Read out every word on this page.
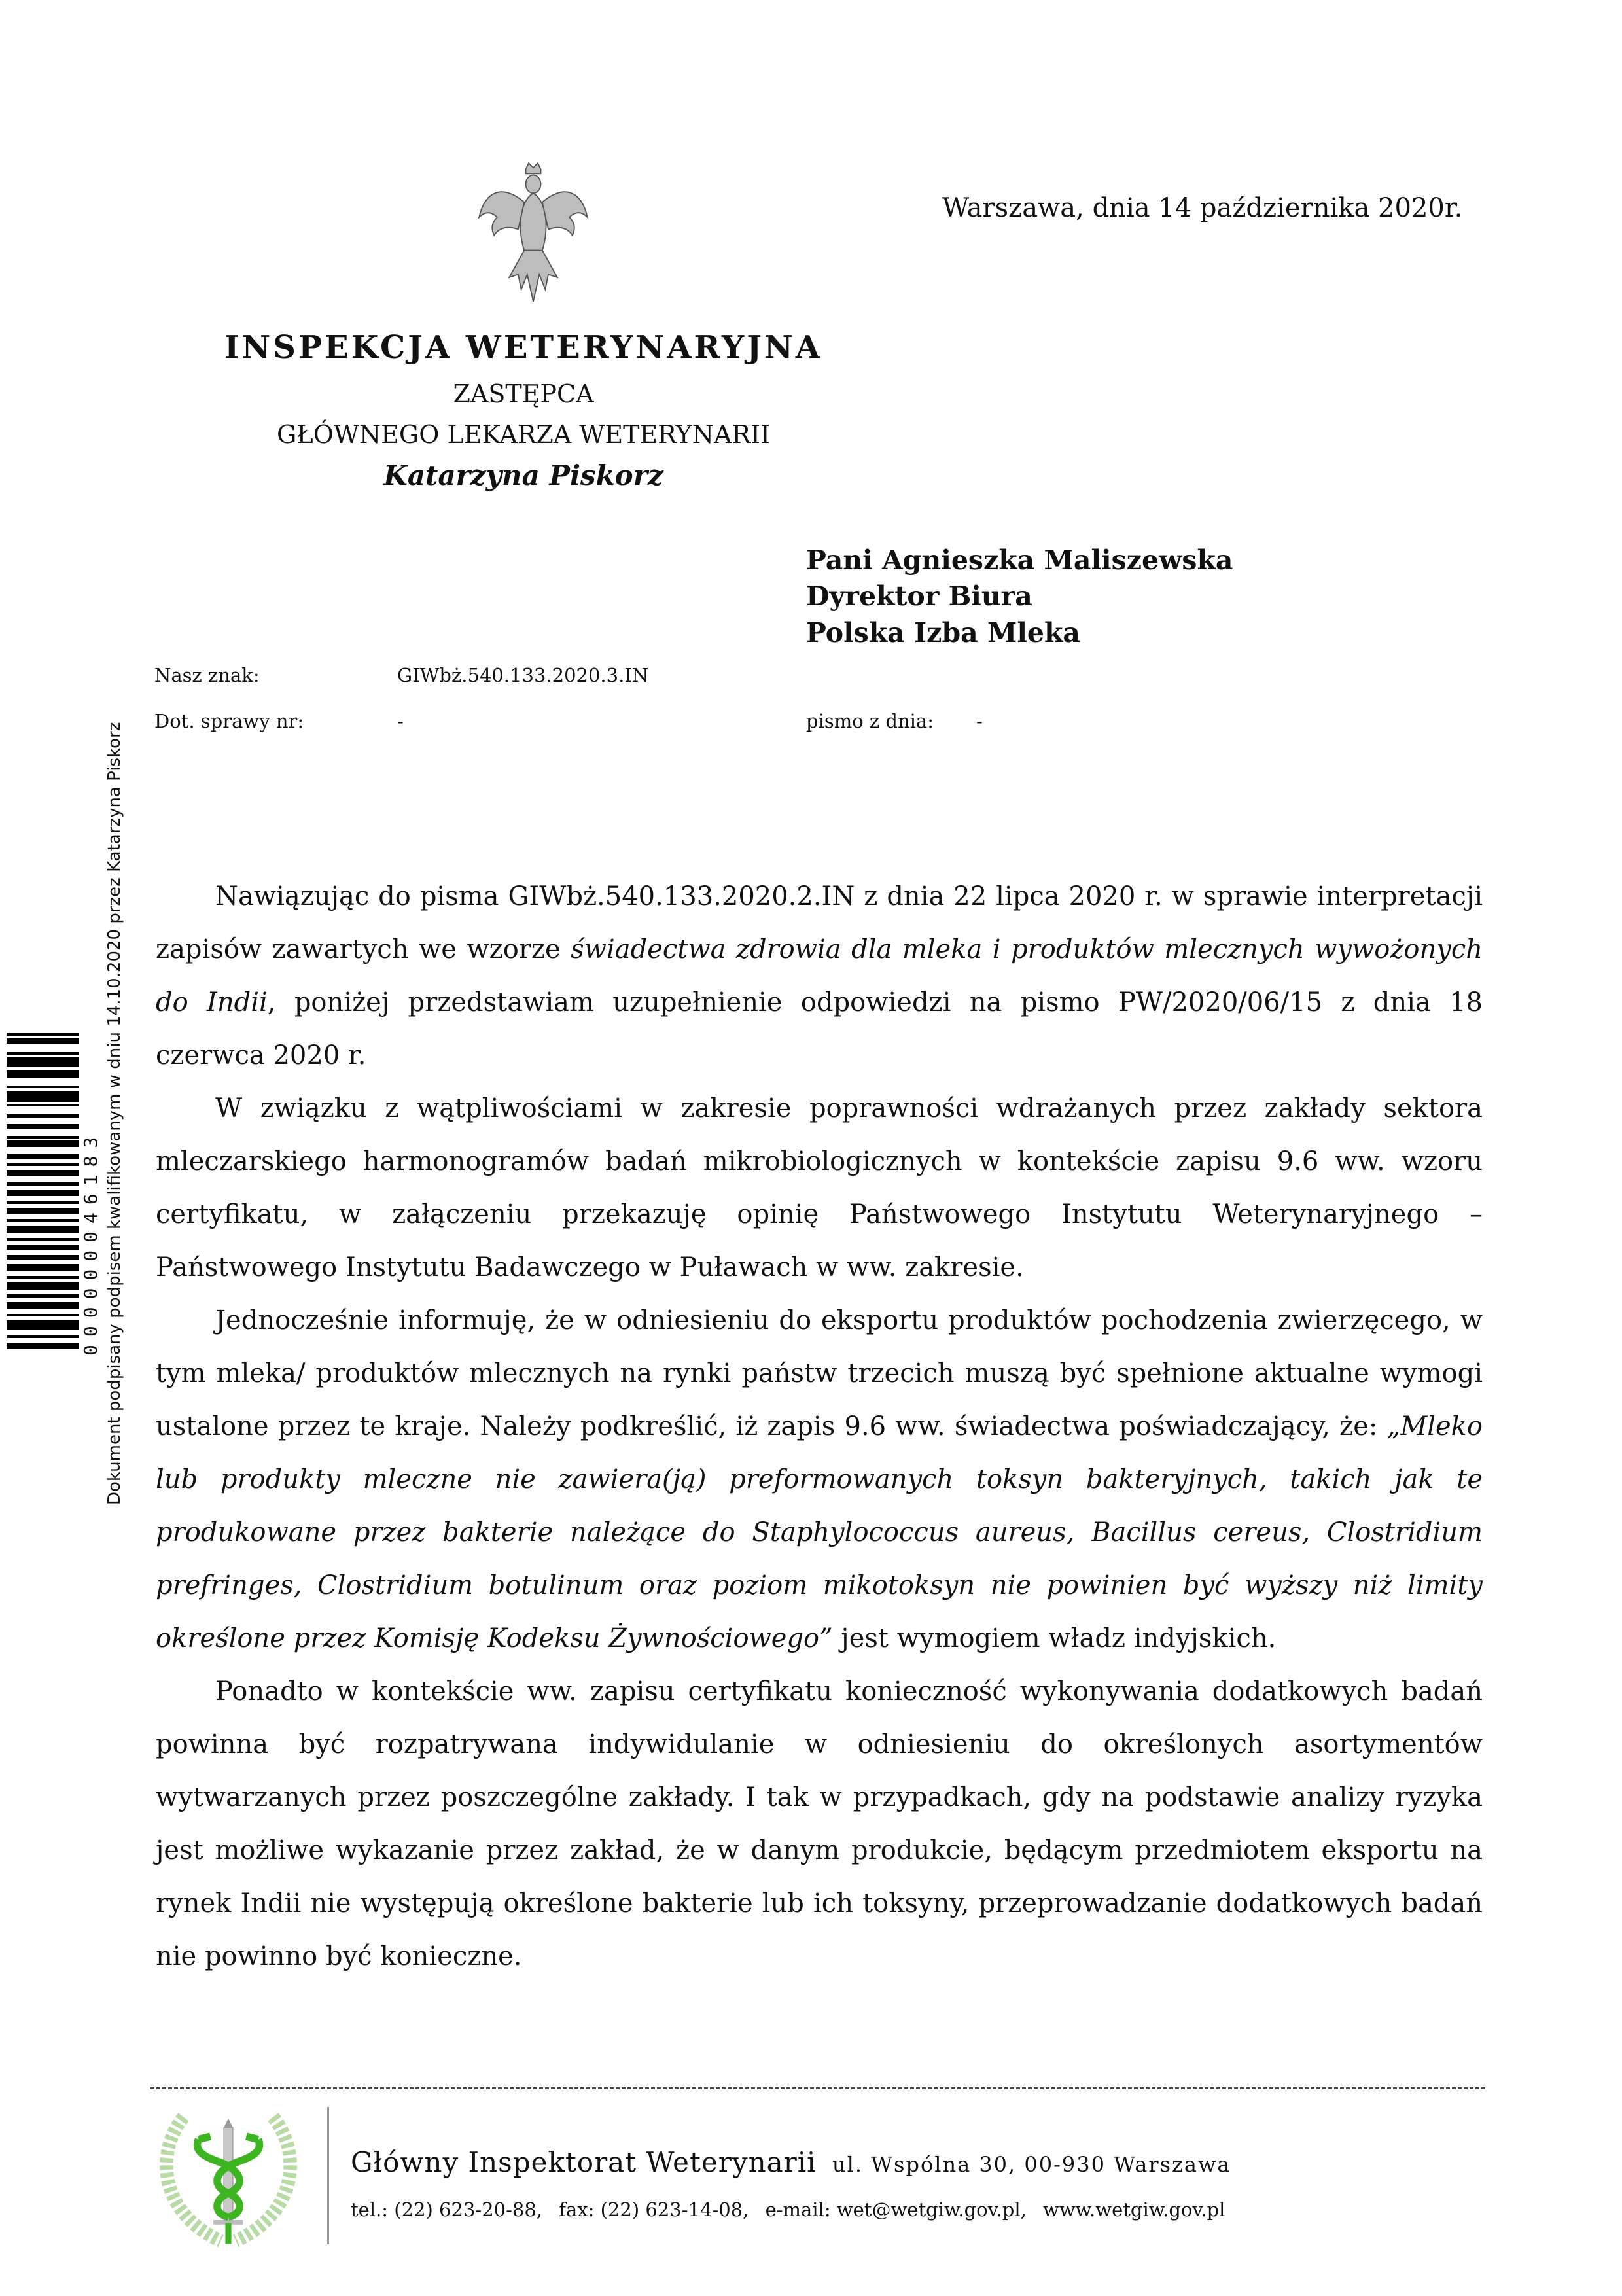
Warszawa, dnia 14 października 2020r.
INSPEKCJA WETERYNARYJNA
ZASTĘPCA
GŁÓWNEGO LEKARZA WETERYNARII
Katarzyna Piskorz
Pani Agnieszka Maliszewska
Dyrektor Biura
Polska Izba Mleka
Nasz znak:	GIWbż.540.133.2020.3.IN
Dot. sprawy nr:	-	pismo z dnia: -
Dokument podpisany podpisem kwalifikowanym w dniu 14.10.2020 przez Katarzyna Piskorz
000000046183

Nawiązując do pisma GIWbż.540.133.2020.2.IN z dnia 22 lipca 2020 r. w sprawie interpretacji zapisów zawartych we wzorze świadectwa zdrowia dla mleka i produktów mlecznych wywożonych do Indii, poniżej przedstawiam uzupełnienie odpowiedzi na pismo PW/2020/06/15 z dnia 18 czerwca 2020 r.

W związku z wątpliwościami w zakresie poprawności wdrażanych przez zakłady sektora mleczarskiego harmonogramów badań mikrobiologicznych w kontekście zapisu 9.6 ww. wzoru certyfikatu, w załączeniu przekazuję opinię Państwowego Instytutu Weterynaryjnego – Państwowego Instytutu Badawczego w Puławach w ww. zakresie.

Jednocześnie informuję, że w odniesieniu do eksportu produktów pochodzenia zwierzęcego, w tym mleka/ produktów mlecznych na rynki państw trzecich muszą być spełnione aktualne wymogi ustalone przez te kraje. Należy podkreślić, iż zapis 9.6 ww. świadectwa poświadczający, że: „Mleko lub produkty mleczne nie zawiera(ją) preformowanych toksyn bakteryjnych, takich jak te produkowane przez bakterie należące do Staphylococcus aureus, Bacillus cereus, Clostridium prefringes, Clostridium botulinum oraz poziom mikotoksyn nie powinien być wyższy niż limity określone przez Komisję Kodeksu Żywnościowego” jest wymogiem władz indyjskich.

Ponadto w kontekście ww. zapisu certyfikatu konieczność wykonywania dodatkowych badań powinna być rozpatrywana indywidulanie w odniesieniu do określonych asortymentów wytwarzanych przez poszczególne zakłady. I tak w przypadkach, gdy na podstawie analizy ryzyka jest możliwe wykazanie przez zakład, że w danym produkcie, będącym przedmiotem eksportu na rynek Indii nie występują określone bakterie lub ich toksyny, przeprowadzanie dodatkowych badań nie powinno być konieczne.

Główny Inspektorat Weterynarii ul. Wspólna 30, 00-930 Warszawa
tel.: (22) 623-20-88, fax: (22) 623-14-08, e-mail: wet@wetgiw.gov.pl, www.wetgiw.gov.pl
